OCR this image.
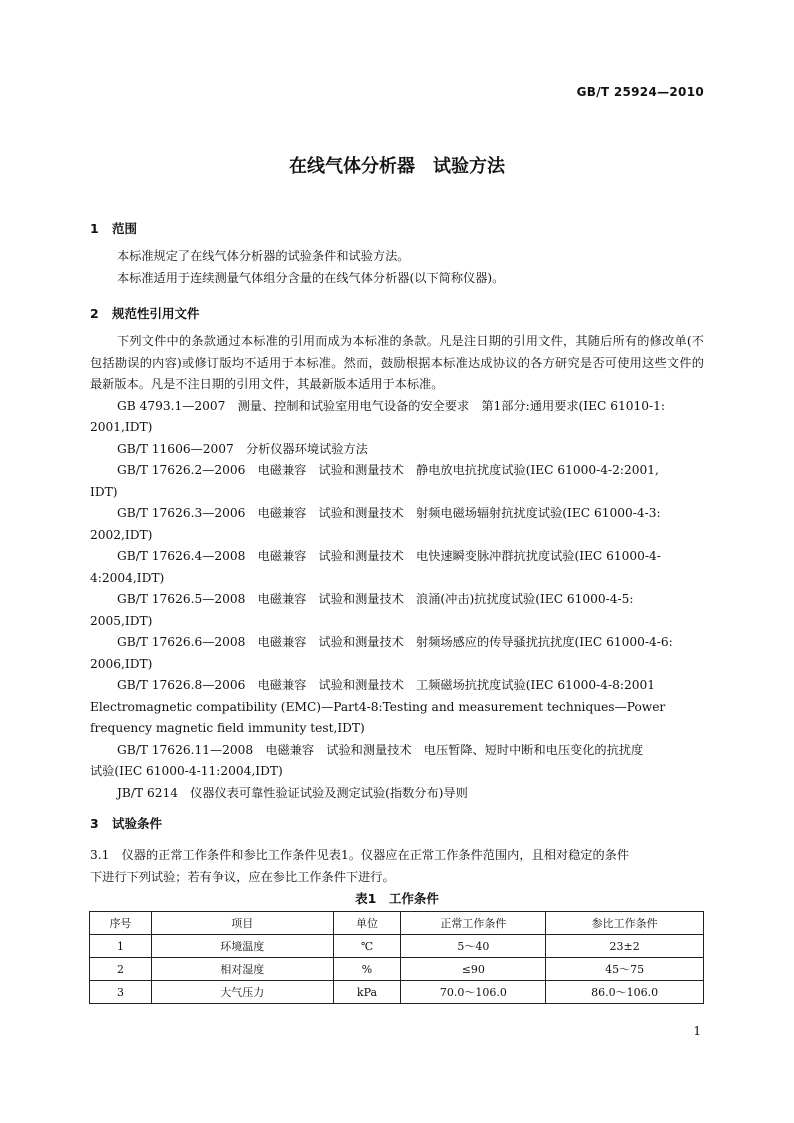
GB/T 25924—2010
在线气体分析器　试验方法
1 范围

本标准规定了在线气体分析器的试验条件和试验方法。

本标准适用于连续测量气体组分含量的在线气体分析器(以下简称仪器)。

2 规范性引用文件

下列文件中的条款通过本标准的引用而成为本标准的条款。凡是注日期的引用文件，其随后所有的修改单(不包括勘误的内容)或修订版均不适用于本标准。然而，鼓励根据本标准达成协议的各方研究是否可使用这些文件的最新版本。凡是不注日期的引用文件，其最新版本适用于本标准。

GB 4793.1—2007　测量、控制和试验室用电气设备的安全要求　第1部分:通用要求(IEC 61010-1:
2001,IDT)
GB/T 11606—2007　分析仪器环境试验方法
GB/T 17626.2—2006　电磁兼容　试验和测量技术　静电放电抗扰度试验(IEC 61000-4-2:2001,
IDT)
GB/T 17626.3—2006　电磁兼容　试验和测量技术　射频电磁场辐射抗扰度试验(IEC 61000-4-3:
2002,IDT)
GB/T 17626.4—2008　电磁兼容　试验和测量技术　电快速瞬变脉冲群抗扰度试验(IEC 61000-4-
4:2004,IDT)
GB/T 17626.5—2008　电磁兼容　试验和测量技术　浪涌(冲击)抗扰度试验(IEC 61000-4-5:
2005,IDT)
GB/T 17626.6—2008　电磁兼容　试验和测量技术　射频场感应的传导骚扰抗扰度(IEC 61000-4-6:
2006,IDT)
GB/T 17626.8—2006　电磁兼容　试验和测量技术　工频磁场抗扰度试验(IEC 61000-4-8:2001
Electromagnetic compatibility (EMC)—Part4-8:Testing and measurement techniques—Power
frequency magnetic field immunity test,IDT)
GB/T 17626.11—2008　电磁兼容　试验和测量技术　电压暂降、短时中断和电压变化的抗扰度
试验(IEC 61000-4-11:2004,IDT)
JB/T 6214　仪器仪表可靠性验证试验及测定试验(指数分布)导则
3 试验条件
3.1　仪器的正常工作条件和参比工作条件见表1。仪器应在正常工作条件范围内，且相对稳定的条件
下进行下列试验；若有争议，应在参比工作条件下进行。
表1　工作条件
序号	项目	单位	正常工作条件	参比工作条件
1	环境温度	℃	5～40	23±2
2	相对湿度	%	≤90	45～75
3	大气压力	kPa	70.0～106.0	86.0～106.0
1
